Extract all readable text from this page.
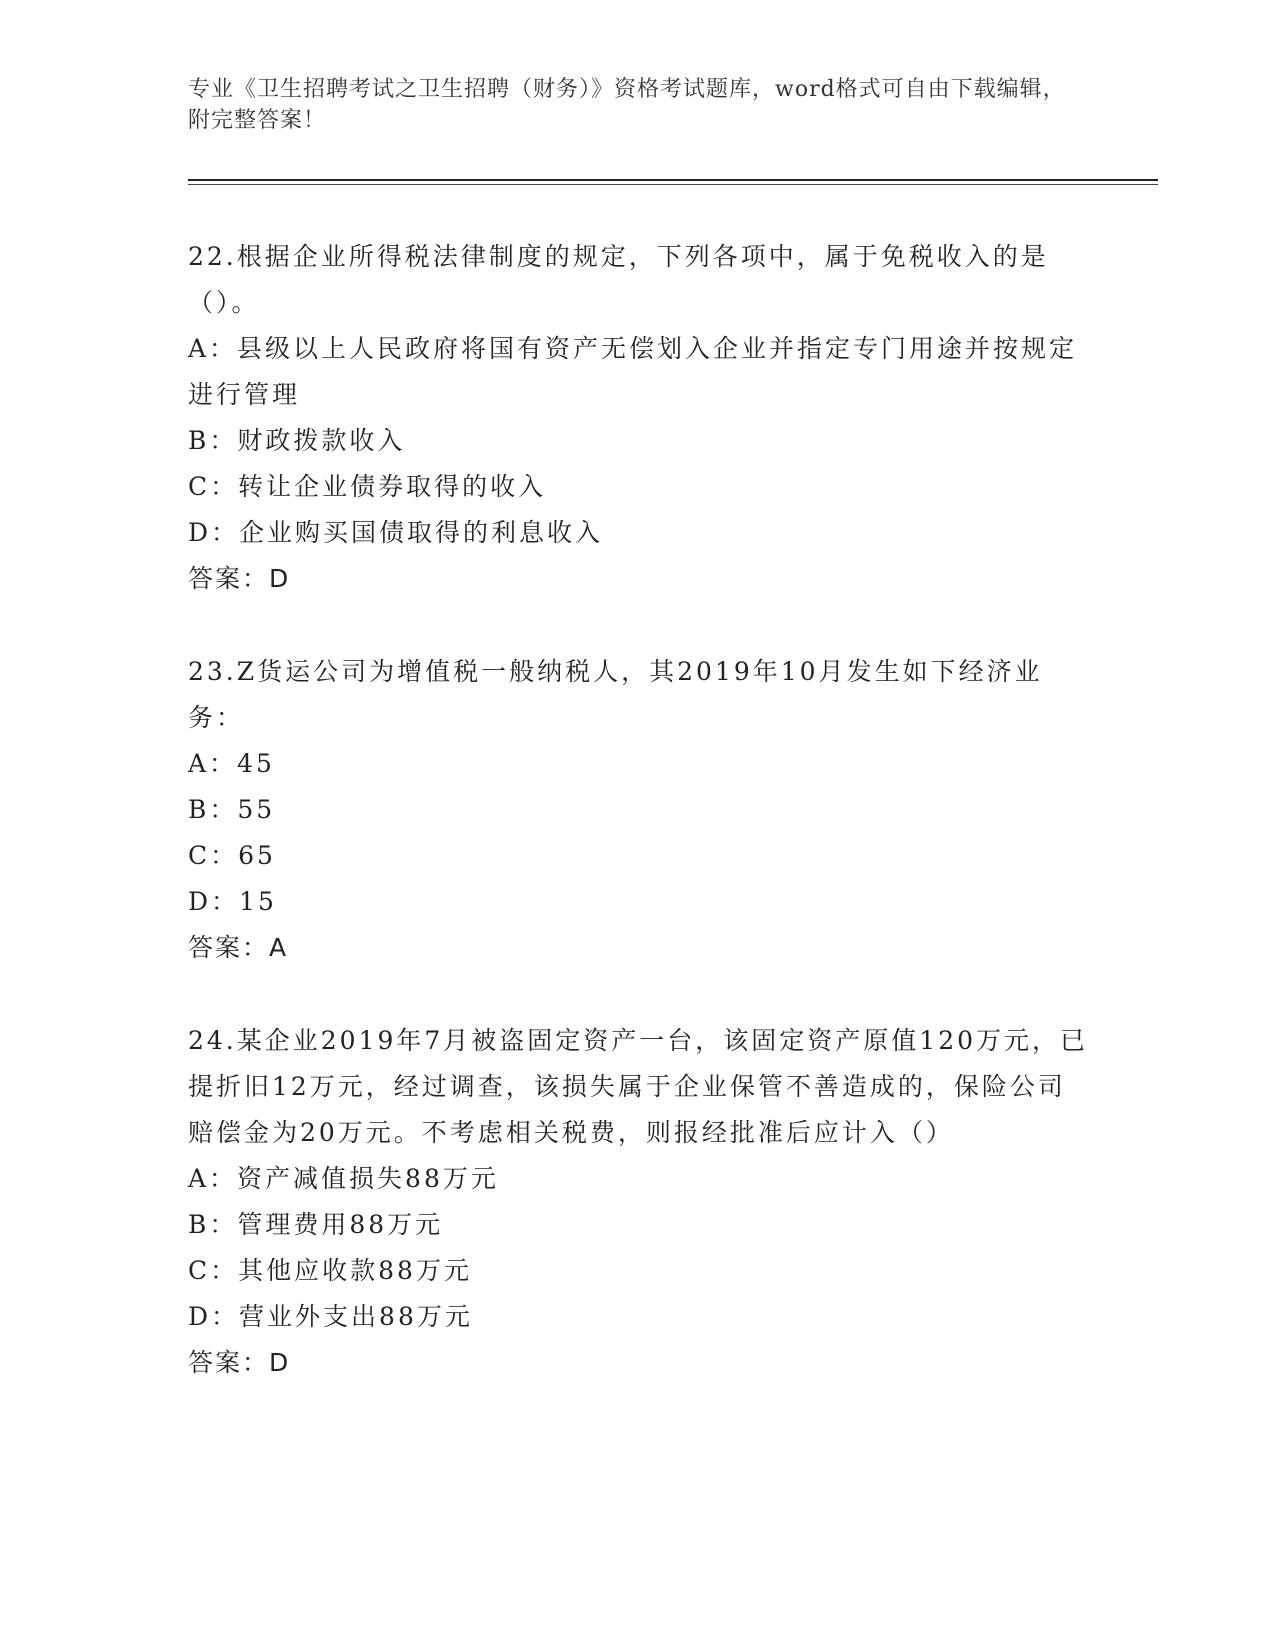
专业《卫生招聘考试之卫生招聘（财务）》资格考试题库，word格式可自由下载编辑，附完整答案！
22.根据企业所得税法律制度的规定，下列各项中，属于免税收入的是（）。
A：县级以上人民政府将国有资产无偿划入企业并指定专门用途并按规定进行管理
B：财政拨款收入
C：转让企业债券取得的收入
D：企业购买国债取得的利息收入
答案：D
23.Z货运公司为增值税一般纳税人，其2019年10月发生如下经济业务：
A：45
B：55
C：65
D：15
答案：A
24.某企业2019年7月被盗固定资产一台，该固定资产原值120万元，已提折旧12万元，经过调查，该损失属于企业保管不善造成的，保险公司赔偿金为20万元。不考虑相关税费，则报经批准后应计入（）
A：资产减值损失88万元
B：管理费用88万元
C：其他应收款88万元
D：营业外支出88万元
答案：D
